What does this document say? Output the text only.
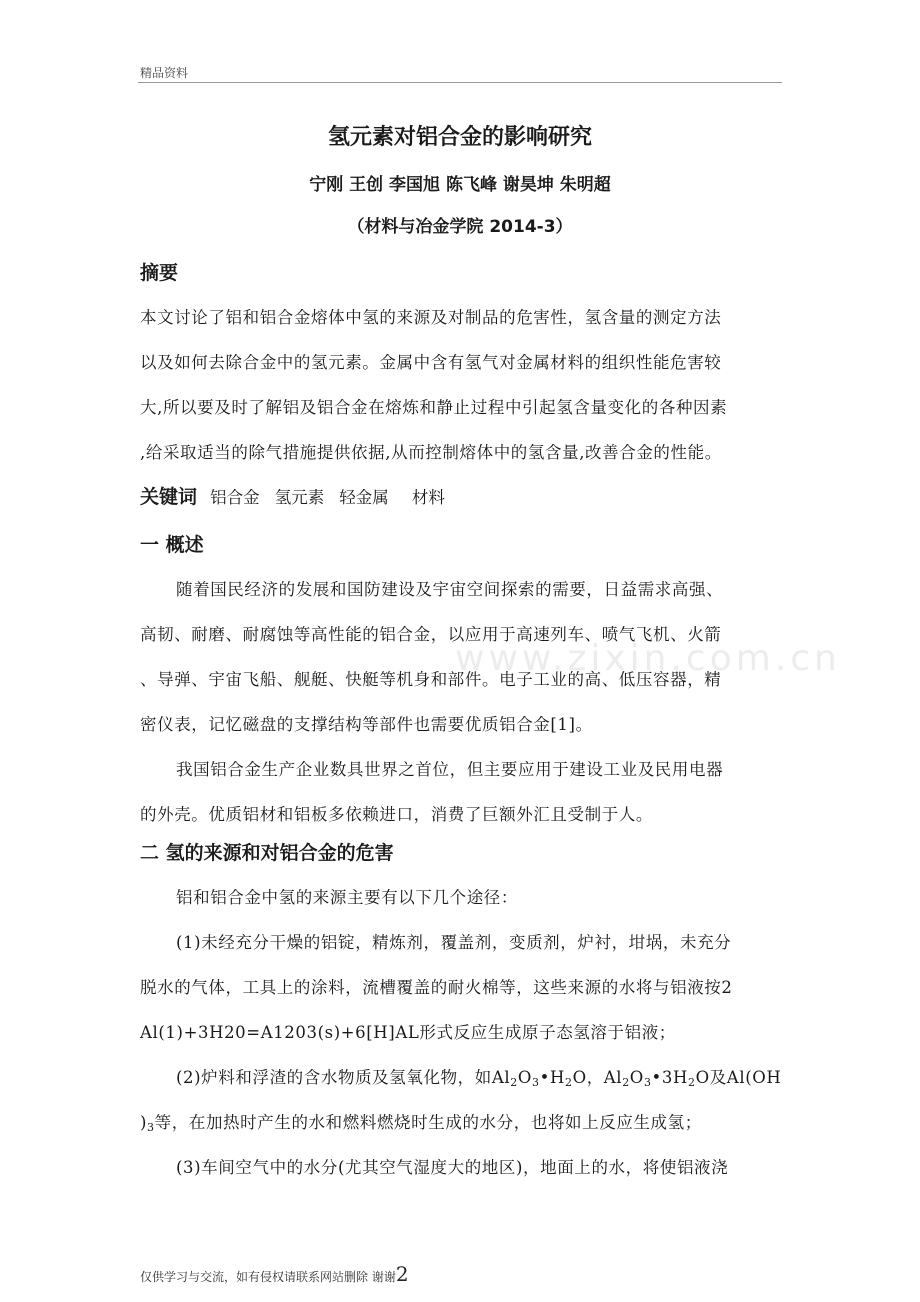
精品资料
氢元素对铝合金的影响研究
宁刚 王创 李国旭 陈飞峰 谢昊坤 朱明超
（材料与冶金学院 2014-3）
摘要
本文讨论了铝和铝合金熔体中氢的来源及对制品的危害性，氢含量的测定方法
以及如何去除合金中的氢元素。金属中含有氢气对金属材料的组织性能危害较
大,所以要及时了解铝及铝合金在熔炼和静止过程中引起氢含量变化的各种因素
,给采取适当的除气措施提供依据,从而控制熔体中的氢含量,改善合金的性能。
关键词 铝合金 氢元素 轻金属 材料
一 概述
随着国民经济的发展和国防建设及宇宙空间探索的需要，日益需求高强、
高韧、耐磨、耐腐蚀等高性能的铝合金，以应用于高速列车、喷气飞机、火箭
、导弹、宇宙飞船、舰艇、快艇等机身和部件。电子工业的高、低压容器，精
密仪表，记忆磁盘的支撑结构等部件也需要优质铝合金[1]。
我国铝合金生产企业数具世界之首位，但主要应用于建设工业及民用电器
的外壳。优质铝材和铝板多依赖进口，消费了巨额外汇且受制于人。
二 氢的来源和对铝合金的危害
铝和铝合金中氢的来源主要有以下几个途径：
(1)未经充分干燥的铝锭，精炼剂，覆盖剂，变质剂，炉衬，坩埚，未充分
脱水的气体，工具上的涂料，流槽覆盖的耐火棉等，这些来源的水将与铝液按2
Al(1)+3H20=A1203(s)+6[H]AL形式反应生成原子态氢溶于铝液；
(2)炉料和浮渣的含水物质及氢氧化物，如$Al_2O_3•H_2O$，$Al_2O_3•3H_2O$及Al(OH
)$_3$等，在加热时产生的水和燃料燃烧时生成的水分，也将如上反应生成氢；
(3)车间空气中的水分(尤其空气湿度大的地区)，地面上的水，将使铝液浇
www.zixin.com.cn
仅供学习与交流，如有侵权请联系网站删除 谢谢2
